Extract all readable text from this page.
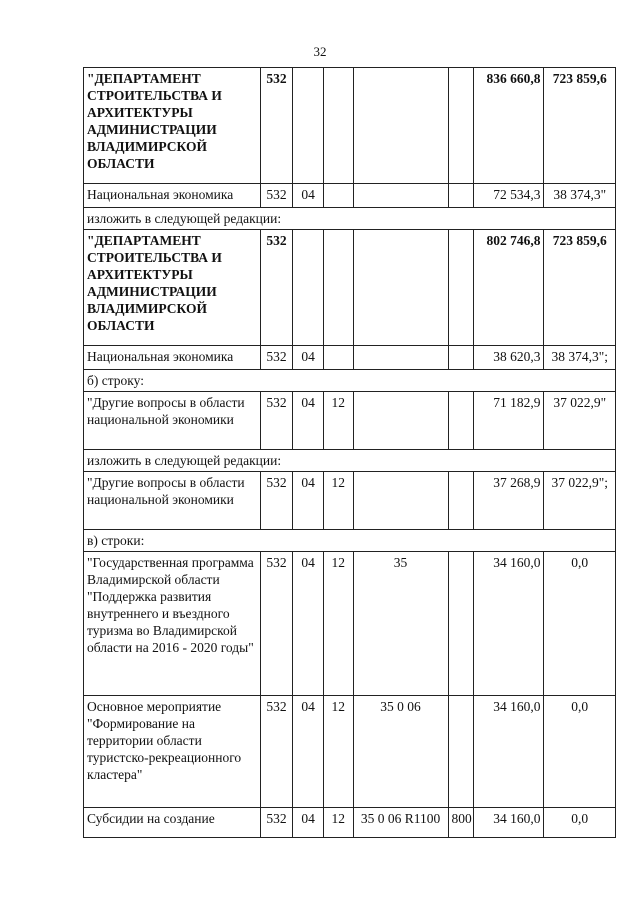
32
"ДЕПАРТАМЕНТ СТРОИТЕЛЬСТВА И АРХИТЕКТУРЫ АДМИНИСТРАЦИИ ВЛАДИМИРСКОЙ ОБЛАСТИ	532					836 660,8	723 859,6
Национальная экономика	532	04				72 534,3	38 374,3"
изложить в следующей редакции:							
"ДЕПАРТАМЕНТ СТРОИТЕЛЬСТВА И АРХИТЕКТУРЫ АДМИНИСТРАЦИИ ВЛАДИМИРСКОЙ ОБЛАСТИ	532					802 746,8	723 859,6
Национальная экономика	532	04				38 620,3	38 374,3";
б) строку:							
"Другие вопросы в области национальной экономики	532	04	12			71 182,9	37 022,9"
изложить в следующей редакции:							
"Другие вопросы в области национальной экономики	532	04	12			37 268,9	37 022,9";
в) строки:							
"Государственная программа Владимирской области "Поддержка развития внутреннего и въездного туризма во Владимирской области на 2016 - 2020 годы"	532	04	12	35		34 160,0	0,0
Основное мероприятие "Формирование на территории области туристско-рекреационного кластера"	532	04	12	35 0 06		34 160,0	0,0
Субсидии на создание	532	04	12	35 0 06 R1100	800	34 160,0	0,0
